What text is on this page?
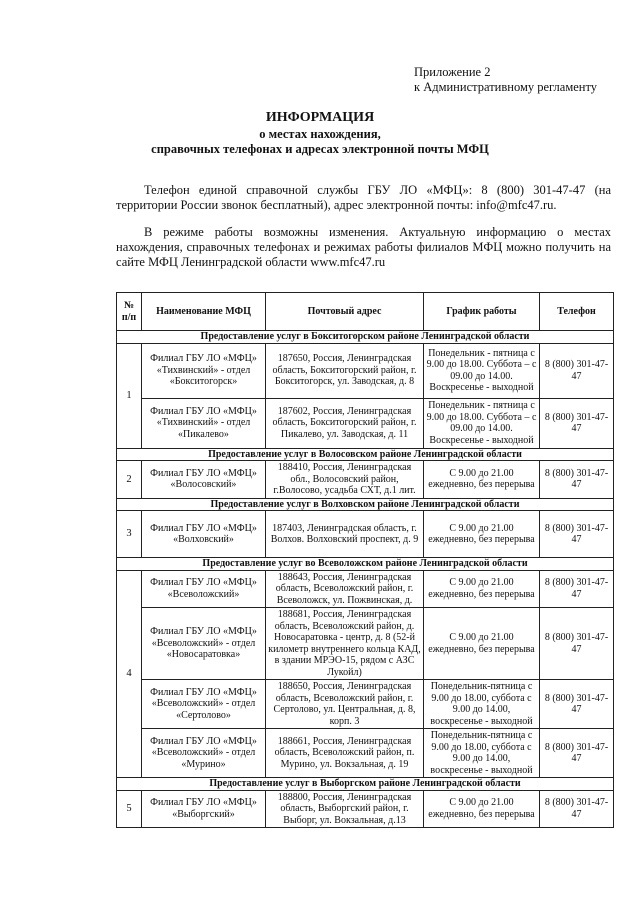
Приложение 2
к Административному регламенту
ИНФОРМАЦИЯ
о местах нахождения,
справочных телефонах и адресах электронной почты МФЦ
Телефон единой справочной службы ГБУ ЛО «МФЦ»: 8 (800) 301-47-47 (на территории России звонок бесплатный), адрес электронной почты: info@mfc47.ru.
В режиме работы возможны изменения. Актуальную информацию о местах нахождения, справочных телефонах и режимах работы филиалов МФЦ можно получить на сайте МФЦ Ленинградской области www.mfc47.ru
№ п/п	Наименование МФЦ	Почтовый адрес	График работы	Телефон
Предоставление услуг в Бокситогорском районе Ленинградской области				
1	Филиал ГБУ ЛО «МФЦ» «Тихвинский» - отдел «Бокситогорск»	187650, Россия, Ленинградская область, Бокситогорский район, г. Бокситогорск, ул. Заводская, д. 8	Понедельник - пятница с 9.00 до 18.00. Суббота – с 09.00 до 14.00. Воскресенье - выходной	8 (800) 301-47-47
	Филиал ГБУ ЛО «МФЦ» «Тихвинский» - отдел «Пикалево»	187602, Россия, Ленинградская область, Бокситогорский район, г. Пикалево, ул. Заводская, д. 11	Понедельник - пятница с 9.00 до 18.00. Суббота – с 09.00 до 14.00. Воскресенье - выходной	8 (800) 301-47-47
Предоставление услуг в Волосовском районе Ленинградской области				
2	Филиал ГБУ ЛО «МФЦ» «Волосовский»	188410, Россия, Ленинградская обл., Волосовский район, г.Волосово, усадьба СХТ, д.1 лит.	С 9.00 до 21.00 ежедневно, без перерыва	8 (800) 301-47-47
Предоставление услуг в Волховском районе Ленинградской области				
3	Филиал ГБУ ЛО «МФЦ» «Волховский»	187403, Ленинградская область, г. Волхов. Волховский проспект, д. 9	С 9.00 до 21.00 ежедневно, без перерыва	8 (800) 301-47-47
Предоставление услуг во Всеволожском районе Ленинградской области				
4	Филиал ГБУ ЛО «МФЦ» «Всеволожский»	188643, Россия, Ленинградская область, Всеволожский район, г. Всеволожск, ул. Пожвинская, д.	С 9.00 до 21.00 ежедневно, без перерыва	8 (800) 301-47-47
	Филиал ГБУ ЛО «МФЦ» «Всеволожский» - отдел «Новосаратовка»	188681, Россия, Ленинградская область, Всеволожский район, д. Новосаратовка - центр, д. 8 (52-й километр внутреннего кольца КАД, в здании МРЭО-15, рядом с АЗС Лукойл)	С 9.00 до 21.00 ежедневно, без перерыва	8 (800) 301-47-47
	Филиал ГБУ ЛО «МФЦ» «Всеволожский» - отдел «Сертолово»	188650, Россия, Ленинградская область, Всеволожский район, г. Сертолово, ул. Центральная, д. 8, корп. 3	Понедельник-пятница с 9.00 до 18.00, суббота с 9.00 до 14.00, воскресенье - выходной	8 (800) 301-47-47
	Филиал ГБУ ЛО «МФЦ» «Всеволожский» - отдел «Мурино»	188661, Россия, Ленинградская область, Всеволожский район, п. Мурино, ул. Вокзальная, д. 19	Понедельник-пятница с 9.00 до 18.00, суббота с 9.00 до 14.00, воскресенье - выходной	8 (800) 301-47-47
Предоставление услуг в Выборгском районе Ленинградской области				
5	Филиал ГБУ ЛО «МФЦ» «Выборгский»	188800, Россия, Ленинградская область, Выборгский район, г. Выборг, ул. Вокзальная, д.13	С 9.00 до 21.00 ежедневно, без перерыва	8 (800) 301-47-47
